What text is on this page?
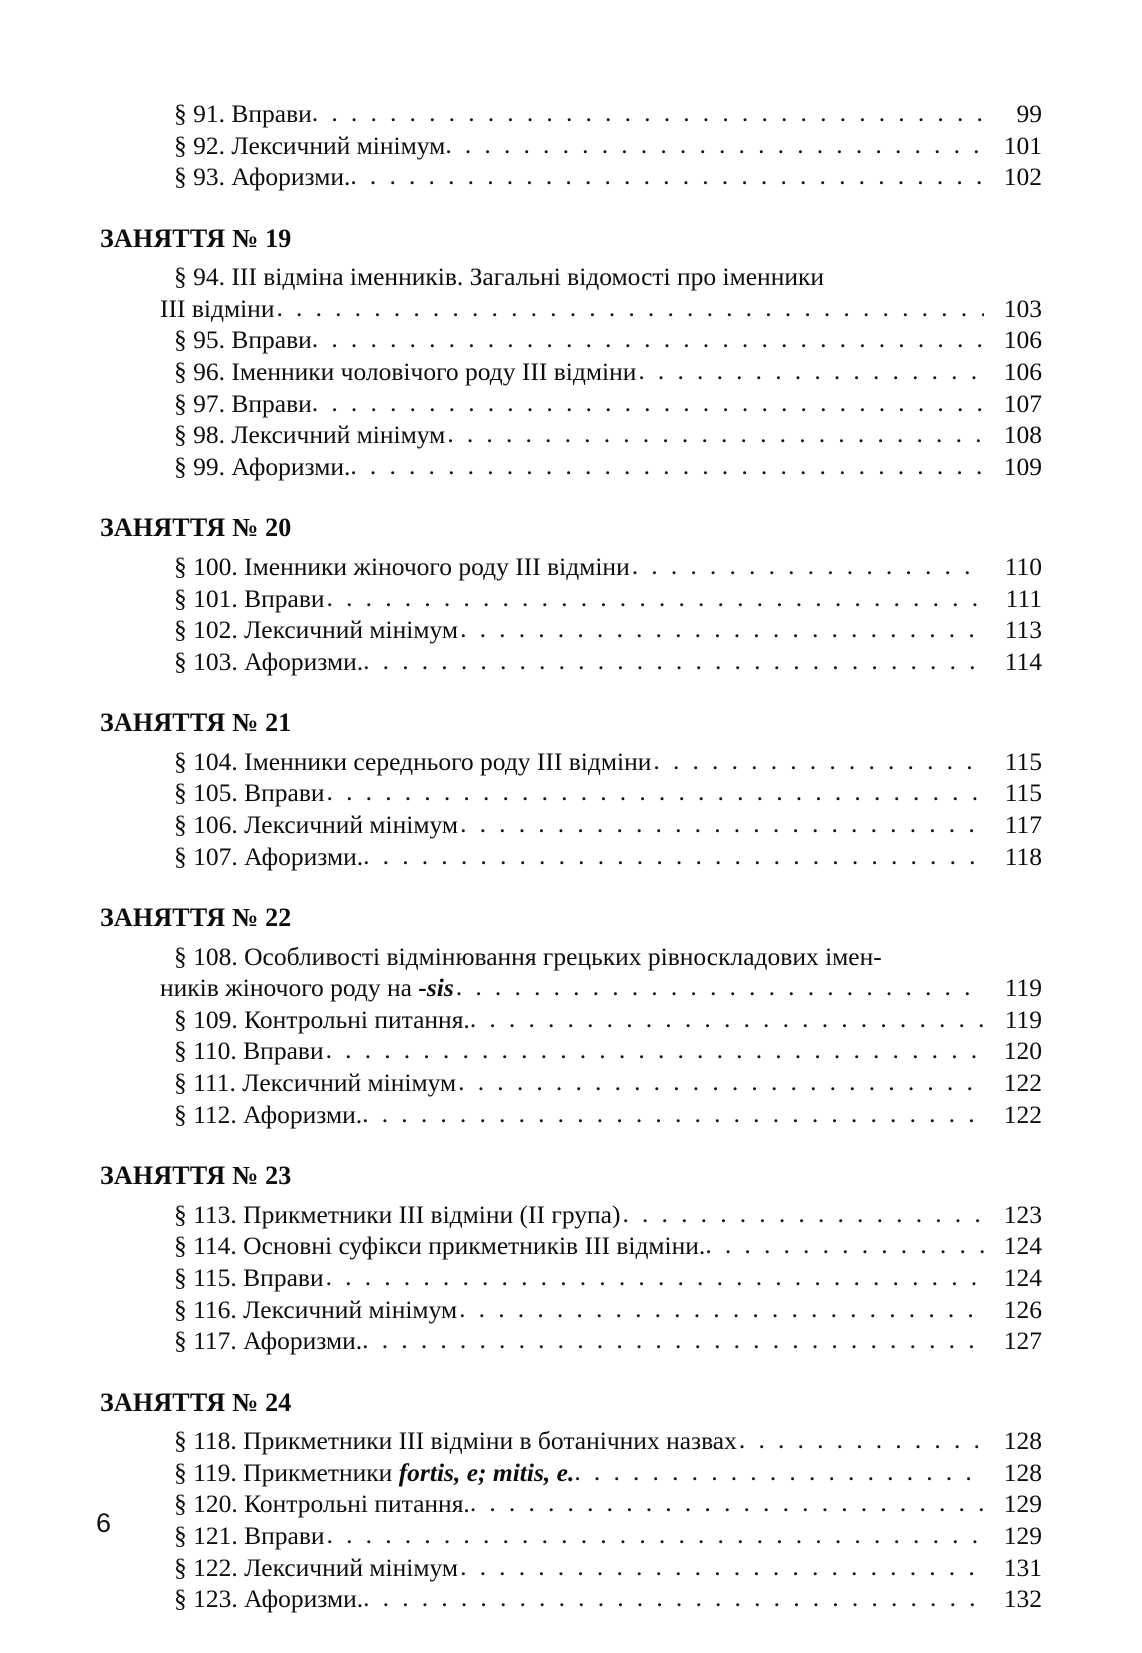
§ 91. Вправи . . .	99
§ 92. Лексичний мінімум . . .	101
§ 93. Афоризми. . . .	102
ЗАНЯТТЯ № 19
§ 94. III відміна іменників. Загальні відомості про іменники
III відміни . . .	103
§ 95. Вправи . . .	106
§ 96. Іменники чоловічого роду III відміни . . .	106
§ 97. Вправи . . .	107
§ 98. Лексичний мінімум . . .	108
§ 99. Афоризми. . . .	109
ЗАНЯТТЯ № 20
§ 100. Іменники жіночого роду III відміни . . .	110
§ 101. Вправи . . .	111
§ 102. Лексичний мінімум . . .	113
§ 103. Афоризми. . . .	114
ЗАНЯТТЯ № 21
§ 104. Іменники середнього роду III відміни . . .	115
§ 105. Вправи . . .	115
§ 106. Лексичний мінімум . . .	117
§ 107. Афоризми. . . .	118
ЗАНЯТТЯ № 22
§ 108. Особливості відмінювання грецьких рівноскладових імен-
ників жіночого роду на -sis . . .	119
§ 109. Контрольні питання. . . .	119
§ 110. Вправи . . .	120
§ 111. Лексичний мінімум . . .	122
§ 112. Афоризми. . . .	122
ЗАНЯТТЯ № 23
§ 113. Прикметники III відміни (II група) . . .	123
§ 114. Основні суфікси прикметників III відміни. . . .	124
§ 115. Вправи . . .	124
§ 116. Лексичний мінімум . . .	126
§ 117. Афоризми. . . .	127
ЗАНЯТТЯ № 24
§ 118. Прикметники III відміни в ботанічних назвах . . .	128
§ 119. Прикметники fortis, e; mitis, e. . . .	128
§ 120. Контрольні питання. . . .	129
§ 121. Вправи . . .	129
§ 122. Лексичний мінімум . . .	131
§ 123. Афоризми. . . .	132
6
